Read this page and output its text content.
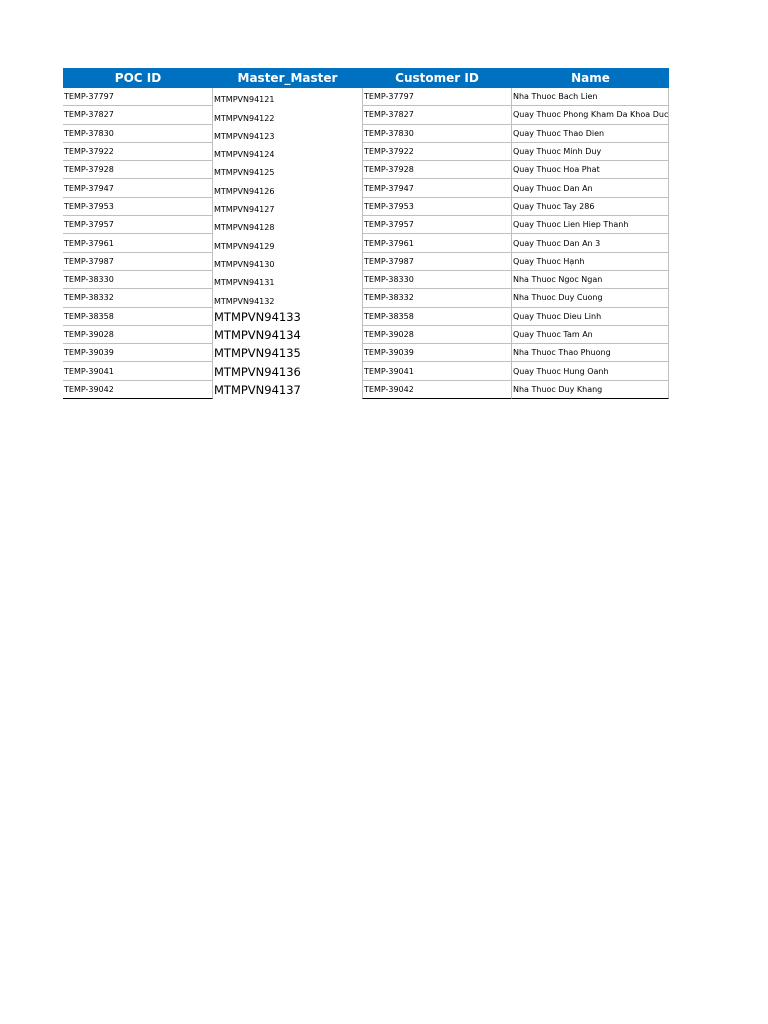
POC ID	Master_Master	Customer ID	Name
TEMP-37797	MTMPVN94121	TEMP-37797	Nha Thuoc Bach Lien
TEMP-37827	MTMPVN94122	TEMP-37827	Quay Thuoc Phong Kham Da Khoa Duc
TEMP-37830	MTMPVN94123	TEMP-37830	Quay Thuoc Thao Dien
TEMP-37922	MTMPVN94124	TEMP-37922	Quay Thuoc Minh Duy
TEMP-37928	MTMPVN94125	TEMP-37928	Quay Thuoc Hoa Phat
TEMP-37947	MTMPVN94126	TEMP-37947	Quay Thuoc Dan An
TEMP-37953	MTMPVN94127	TEMP-37953	Quay Thuoc Tay 286
TEMP-37957	MTMPVN94128	TEMP-37957	Quay Thuoc Lien Hiep Thanh
TEMP-37961	MTMPVN94129	TEMP-37961	Quay Thuoc Dan An 3
TEMP-37987	MTMPVN94130	TEMP-37987	Quay Thuoc Hạnh
TEMP-38330	MTMPVN94131	TEMP-38330	Nha Thuoc Ngoc Ngan
TEMP-38332	MTMPVN94132	TEMP-38332	Nha Thuoc Duy Cuong
TEMP-38358	MTMPVN94133	TEMP-38358	Quay Thuoc Dieu Linh
TEMP-39028	MTMPVN94134	TEMP-39028	Quay Thuoc Tam An
TEMP-39039	MTMPVN94135	TEMP-39039	Nha Thuoc Thao Phuong
TEMP-39041	MTMPVN94136	TEMP-39041	Quay Thuoc Hung Oanh
TEMP-39042	MTMPVN94137	TEMP-39042	Nha Thuoc Duy Khang
